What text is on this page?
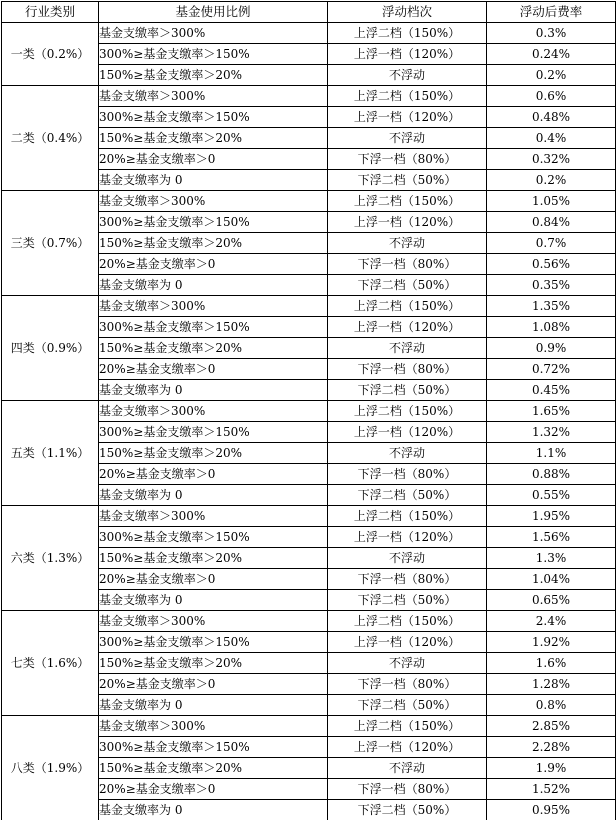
行业类别	基金使用比例	浮动档次	浮动后费率
一类（0.2%）	基金支缴率＞300%	上浮二档（150%）	0.3%
	300%≥基金支缴率＞150%	上浮一档（120%）	0.24%
	150%≥基金支缴率＞20%	不浮动	0.2%
二类（0.4%）	基金支缴率＞300%	上浮二档（150%）	0.6%
	300%≥基金支缴率＞150%	上浮一档（120%）	0.48%
	150%≥基金支缴率＞20%	不浮动	0.4%
	20%≥基金支缴率＞0	下浮一档（80%）	0.32%
	基金支缴率为 0	下浮二档（50%）	0.2%
三类（0.7%）	基金支缴率＞300%	上浮二档（150%）	1.05%
	300%≥基金支缴率＞150%	上浮一档（120%）	0.84%
	150%≥基金支缴率＞20%	不浮动	0.7%
	20%≥基金支缴率＞0	下浮一档（80%）	0.56%
	基金支缴率为 0	下浮二档（50%）	0.35%
四类（0.9%）	基金支缴率＞300%	上浮二档（150%）	1.35%
	300%≥基金支缴率＞150%	上浮一档（120%）	1.08%
	150%≥基金支缴率＞20%	不浮动	0.9%
	20%≥基金支缴率＞0	下浮一档（80%）	0.72%
	基金支缴率为 0	下浮二档（50%）	0.45%
五类（1.1%）	基金支缴率＞300%	上浮二档（150%）	1.65%
	300%≥基金支缴率＞150%	上浮一档（120%）	1.32%
	150%≥基金支缴率＞20%	不浮动	1.1%
	20%≥基金支缴率＞0	下浮一档（80%）	0.88%
	基金支缴率为 0	下浮二档（50%）	0.55%
六类（1.3%）	基金支缴率＞300%	上浮二档（150%）	1.95%
	300%≥基金支缴率＞150%	上浮一档（120%）	1.56%
	150%≥基金支缴率＞20%	不浮动	1.3%
	20%≥基金支缴率＞0	下浮一档（80%）	1.04%
	基金支缴率为 0	下浮二档（50%）	0.65%
七类（1.6%）	基金支缴率＞300%	上浮二档（150%）	2.4%
	300%≥基金支缴率＞150%	上浮一档（120%）	1.92%
	150%≥基金支缴率＞20%	不浮动	1.6%
	20%≥基金支缴率＞0	下浮一档（80%）	1.28%
	基金支缴率为 0	下浮二档（50%）	0.8%
八类（1.9%）	基金支缴率＞300%	上浮二档（150%）	2.85%
	300%≥基金支缴率＞150%	上浮一档（120%）	2.28%
	150%≥基金支缴率＞20%	不浮动	1.9%
	20%≥基金支缴率＞0	下浮一档（80%）	1.52%
	基金支缴率为 0	下浮二档（50%）	0.95%
